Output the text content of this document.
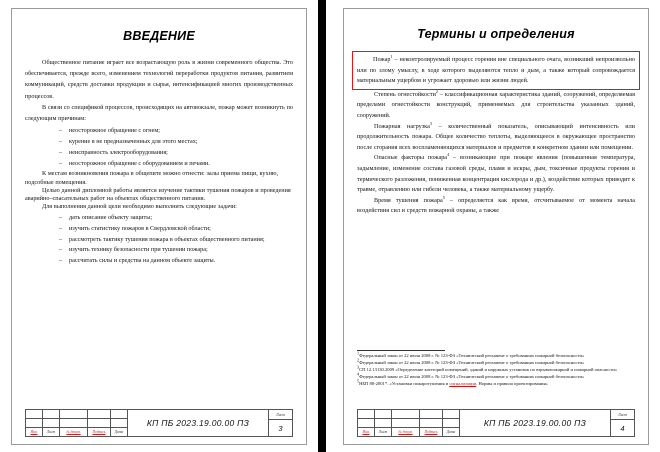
ВВЕДЕНИЕ

Общественное питание играет все возрастающую роль в жизни современного общества. Это обеспечивается, прежде всего, изменением технологий переработки продуктов питания, развитием коммуникаций, средств доставки продукции и сырья, интенсификацией многих производственных процессов.

В связи со спецификой процессов, происходящих на автовокзале, пожар может возникнуть по следующим причинам:

– неосторожное обращение с огнем;
– курение в не предназначенных для этого местах;
– неисправность электрооборудования;
– неосторожное обращение с оборудованием и печами.

К местам возникновения пожара в общепите можно отнести: залы приема пищи, кухню, подсобные помещения.

Целью данной дипломной работы является изучение тактики тушения пожаров и проведения аварийно–спасательных работ на объектах общественного питания.

Для выполнения данной цели необходимо выполнить следующие задачи:

– дать описание объекту защиты;
– изучить статистику пожаров в Свердловской области;
– рассмотреть тактику тушения пожара в объектах общественного питания;
– изучить технику безопасности при тушении пожара;
– рассчитать силы и средства на данном объекте защиты.
Изм.	Лист	№ докум.	Подпись	Дата
КП ПБ 2023.19.00.00 ПЗ
Лист
3
Термины и определения

Пожар$^1$ – неконтролируемый процесс горения вне специального очага, возникший непроизвольно или по злому умыслу, в ходе которого выделяются тепло и дым, а также который сопровождается материальным ущербом и угрожает здоровью или жизни людей.

Степень огнестойкости$^2$ – классификационная характеристика зданий, сооружений, определяемая пределами огнестойкости конструкций, применяемых для строительства указанных зданий, сооружений.

Пожарная нагрузка$^3$ – количественный показатель, описывающий интенсивность или продолжительность пожара. Общее количество теплоты, выделяющееся в окружающее пространство после сгорания всех воспламеняющихся материалов и предметов в конкретном здании или помещении.

Опасные факторы пожара$^4$ – возникающие при пожаре явления (повышенная температура, задымление, изменение состава газовой среды, пламя и искры, дым, токсичные продукты горения и термического разложения, пониженная концентрация кислорода и др.), воздействие которых приводит к травме, отравлению или гибели человека, а также материальному ущербу.

Время тушения пожара$^5$ – определяется как время, отсчитываемое от момента начала воздействия сил и средств пожарной охраны, а также

$^1$Федеральный закон от 22 июля 2008 г. № 123-ФЗ «Технический регламент о требованиях пожарной безопасности»

$^2$Федеральный закон от 22 июля 2008 г. № 123-ФЗ «Технический регламент о требованиях пожарной безопасности»

$^3$СП 12.13130.2009 «Определение категорий помещений, зданий и наружных установок по взрывопожарной и пожарной опасности»

$^4$Федеральный закон от 22 июля 2008 г. № 123-ФЗ «Технический регламент о требованиях пожарной безопасности»

$^5$НБП 88-2001*. «Установки пожаротушения и сигнализации. Нормы и правила проектирования»

Изм.	Лист	№ докум.	Подпись	Дата
КП ПБ 2023.19.00.00 ПЗ
Лист
4
